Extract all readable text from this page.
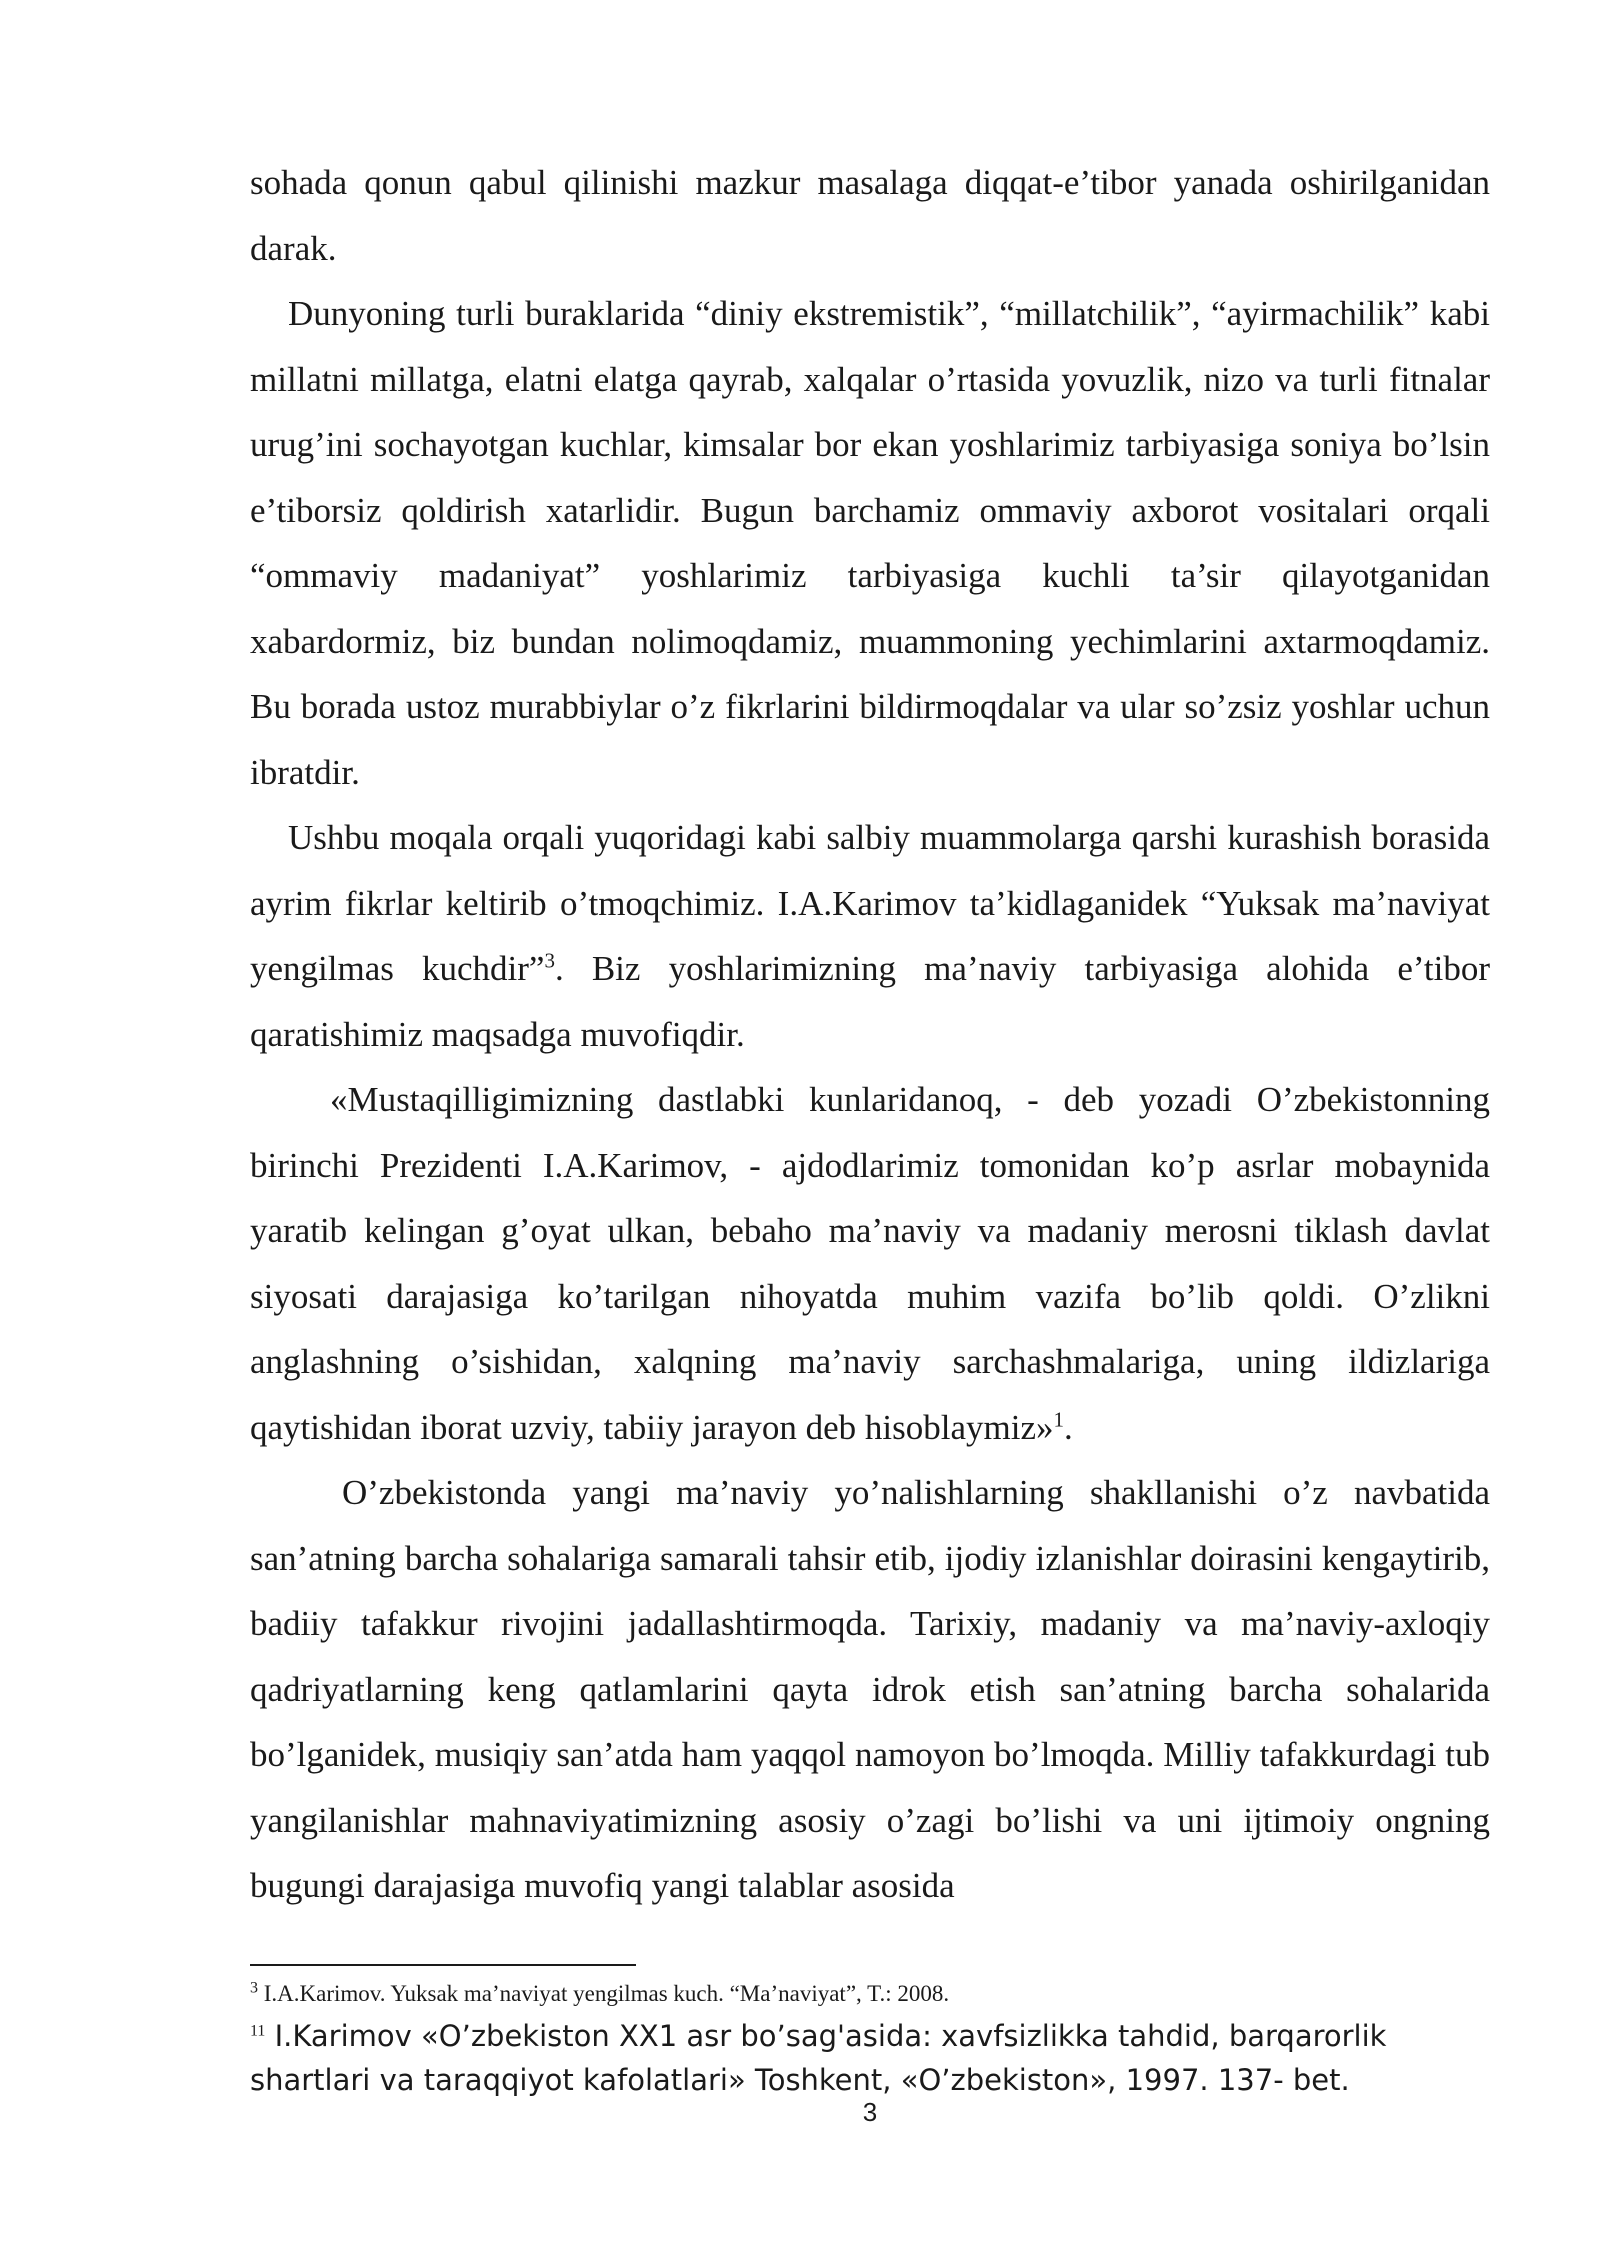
sohada qonun qabul qilinishi mazkur masalaga diqqat-e’tibor yanada oshirilganidan darak.

Dunyoning turli buraklarida “diniy ekstremistik”, “millatchilik”, “ayirmachilik” kabi millatni millatga, elatni elatga qayrab, xalqalar o’rtasida yovuzlik, nizo va turli fitnalar urug’ini sochayotgan kuchlar, kimsalar bor ekan yoshlarimiz tarbiyasiga soniya bo’lsin e’tiborsiz qoldirish xatarlidir. Bugun barchamiz ommaviy axborot vositalari orqali “ommaviy madaniyat” yoshlarimiz tarbiyasiga kuchli ta’sir qilayotganidan xabardormiz, biz bundan nolimoqdamiz, muammoning yechimlarini axtarmoqdamiz. Bu borada ustoz murabbiylar o’z fikrlarini bildirmoqdalar va ular so’zsiz yoshlar uchun ibratdir.

Ushbu moqala orqali yuqoridagi kabi salbiy muammolarga qarshi kurashish borasida ayrim fikrlar keltirib o’tmoqchimiz. I.A.Karimov ta’kidlaganidek “Yuksak ma’naviyat yengilmas kuchdir”$^3$. Biz yoshlarimizning ma’naviy tarbiyasiga alohida e’tibor qaratishimiz maqsadga muvofiqdir.

«Mustaqilligimizning dastlabki kunlaridanoq, - deb yozadi O’zbekistonning birinchi Prezidenti I.A.Karimov, - ajdodlarimiz tomonidan ko’p asrlar mobaynida yaratib kelingan g’oyat ulkan, bebaho ma’naviy va madaniy merosni tiklash davlat siyosati darajasiga ko’tarilgan nihoyatda muhim vazifa bo’lib qoldi. O’zlikni anglashning o’sishidan, xalqning ma’naviy sarchashmalariga, uning ildizlariga qaytishidan iborat uzviy, tabiiy jarayon deb hisoblaymiz»$^1$.

O’zbekistonda yangi ma’naviy yo’nalishlarning shakllanishi o’z navbatida san’atning barcha sohalariga samarali tahsir etib, ijodiy izlanishlar doirasini kengaytirib, badiiy tafakkur rivojini jadallashtirmoqda. Tarixiy, madaniy va ma’naviy-axloqiy qadriyatlarning keng qatlamlarini qayta idrok etish san’atning barcha sohalarida bo’lganidek, musiqiy san’atda ham yaqqol namoyon bo’lmoqda. Milliy tafakkurdagi tub yangilanishlar mahnaviyatimizning asosiy o’zagi bo’lishi va uni ijtimoiy ongning bugungi darajasiga muvofiq yangi talablar asosida

$^3$ I.A.Karimov. Yuksak ma’naviyat yengilmas kuch. “Ma’naviyat”, T.: 2008.
$^{11}$ I.Karimov «O’zbekiston XX1 asr bo’sag'asida: xavfsizlikka tahdid, barqarorlik shartlari va taraqqiyot kafolatlari» Toshkent, «O’zbekiston», 1997. 137- bet.
3
